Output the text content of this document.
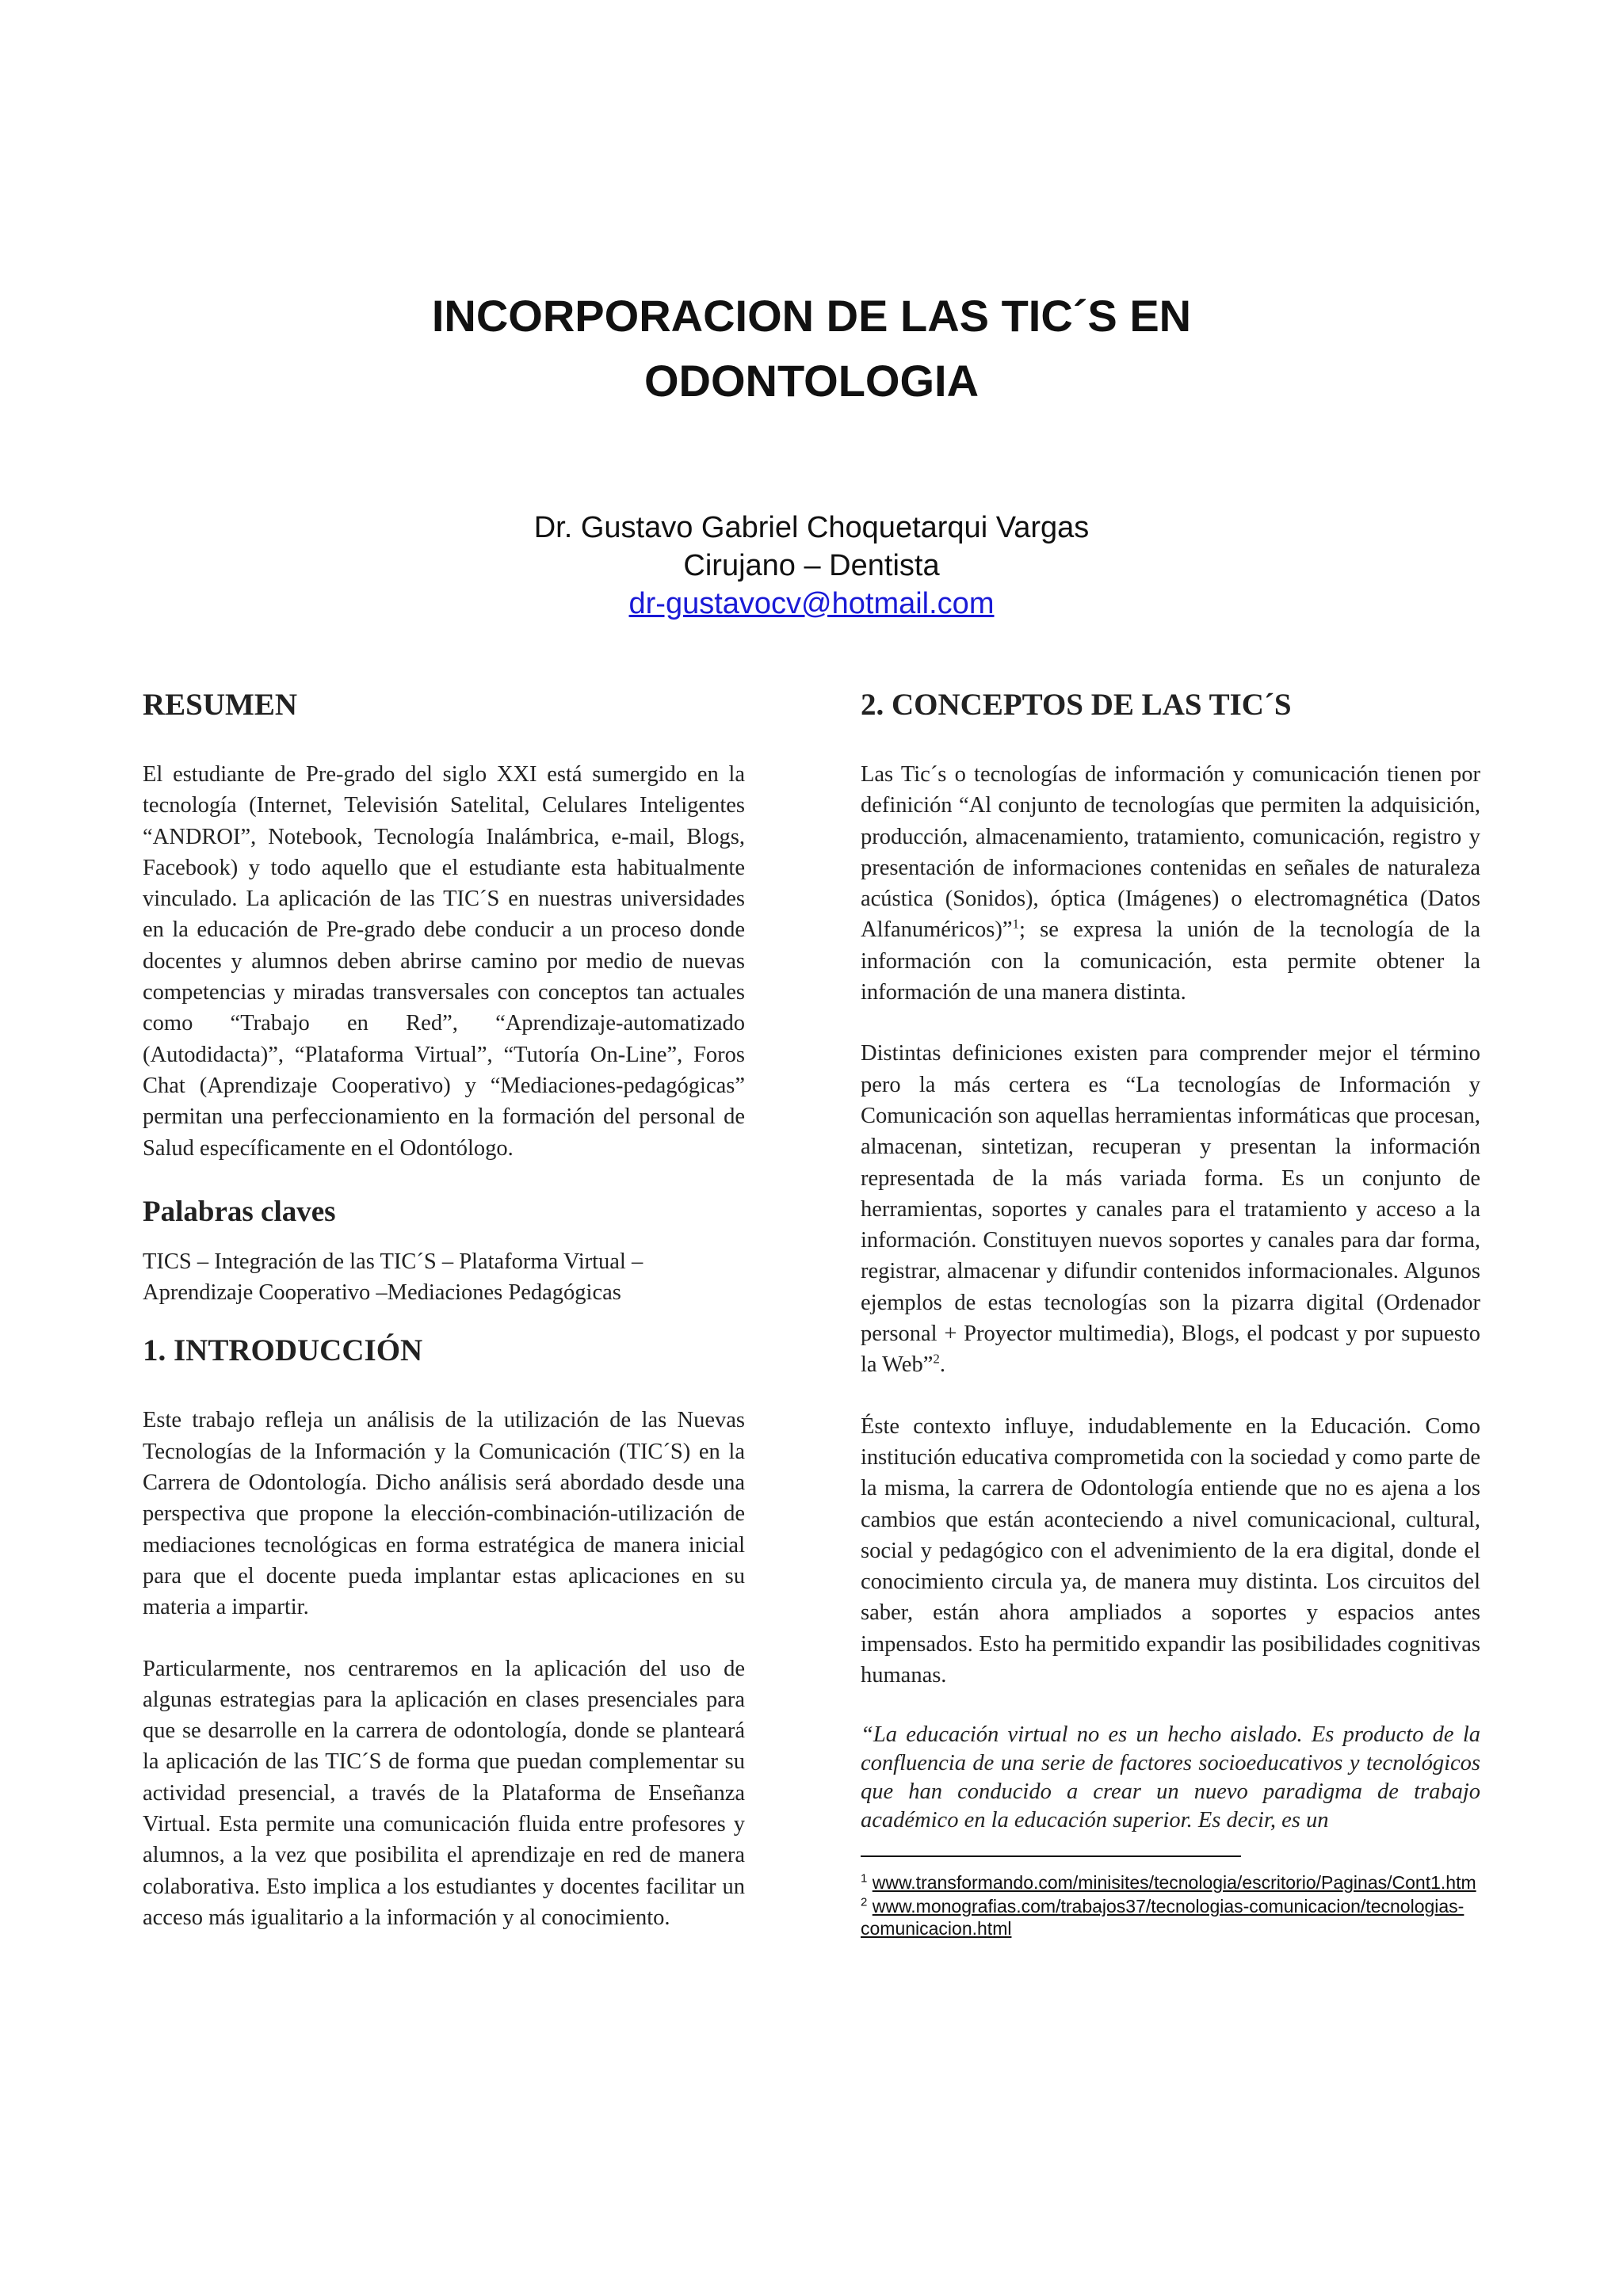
INCORPORACION DE LAS TIC´S EN
ODONTOLOGIA
Dr. Gustavo Gabriel Choquetarqui Vargas
Cirujano – Dentista
dr-gustavocv@hotmail.com
RESUMEN

El estudiante de Pre-grado del siglo XXI está sumergido en la tecnología (Internet, Televisión Satelital, Celulares Inteligentes “ANDROI”, Notebook, Tecnología Inalámbrica, e-mail, Blogs, Facebook) y todo aquello que el estudiante esta habitualmente vinculado. La aplicación de las TIC´S en nuestras universidades en la educación de Pre-grado debe conducir a un proceso donde docentes y alumnos deben abrirse camino por medio de nuevas competencias y miradas transversales con conceptos tan actuales como “Trabajo en Red”, “Aprendizaje-automatizado (Autodidacta)”, “Plataforma Virtual”, “Tutoría On-Line”, Foros Chat (Aprendizaje Cooperativo) y “Mediaciones-pedagógicas” permitan una perfeccionamiento en la formación del personal de Salud específicamente en el Odontólogo.

Palabras claves

TICS – Integración de las TIC´S – Plataforma Virtual –
Aprendizaje Cooperativo –Mediaciones Pedagógicas

1. INTRODUCCIÓN

Este trabajo refleja un análisis de la utilización de las Nuevas Tecnologías de la Información y la Comunicación (TIC´S) en la Carrera de Odontología. Dicho análisis será abordado desde una perspectiva que propone la elección-combinación-utilización de mediaciones tecnológicas en forma estratégica de manera inicial para que el docente pueda implantar estas aplicaciones en su materia a impartir.

Particularmente, nos centraremos en la aplicación del uso de algunas estrategias para la aplicación en clases presenciales para que se desarrolle en la carrera de odontología, donde se planteará la aplicación de las TIC´S de forma que puedan complementar su actividad presencial, a través de la Plataforma de Enseñanza Virtual. Esta permite una comunicación fluida entre profesores y alumnos, a la vez que posibilita el aprendizaje en red de manera colaborativa. Esto implica a los estudiantes y docentes facilitar un acceso más igualitario a la información y al conocimiento.

2. CONCEPTOS DE LAS TIC´S

Las Tic´s o tecnologías de información y comunicación tienen por definición “Al conjunto de tecnologías que permiten la adquisición, producción, almacenamiento, tratamiento, comunicación, registro y presentación de informaciones contenidas en señales de naturaleza acústica (Sonidos), óptica (Imágenes) o electromagnética (Datos Alfanuméricos)”$^1$; se expresa la unión de la tecnología de la información con la comunicación, esta permite obtener la información de una manera distinta.

Distintas definiciones existen para comprender mejor el término pero la más certera es “La tecnologías de Información y Comunicación son aquellas herramientas informáticas que procesan, almacenan, sintetizan, recuperan y presentan la información representada de la más variada forma. Es un conjunto de herramientas, soportes y canales para el tratamiento y acceso a la información. Constituyen nuevos soportes y canales para dar forma, registrar, almacenar y difundir contenidos informacionales. Algunos ejemplos de estas tecnologías son la pizarra digital (Ordenador personal + Proyector multimedia), Blogs, el podcast y por supuesto la Web”$^2$.

Éste contexto influye, indudablemente en la Educación. Como institución educativa comprometida con la sociedad y como parte de la misma, la carrera de Odontología entiende que no es ajena a los cambios que están aconteciendo a nivel comunicacional, cultural, social y pedagógico con el advenimiento de la era digital, donde el conocimiento circula ya, de manera muy distinta. Los circuitos del saber, están ahora ampliados a soportes y espacios antes impensados. Esto ha permitido expandir las posibilidades cognitivas humanas.

“La educación virtual no es un hecho aislado. Es producto de la confluencia de una serie de factores socioeducativos y tecnológicos que han conducido a crear un nuevo paradigma de trabajo académico en la educación superior. Es decir, es un

$^1$ www.transformando.com/minisites/tecnologia/escritorio/Paginas/Cont1.htm
$^2$ www.monografias.com/trabajos37/tecnologias-comunicacion/tecnologias-comunicacion.html
